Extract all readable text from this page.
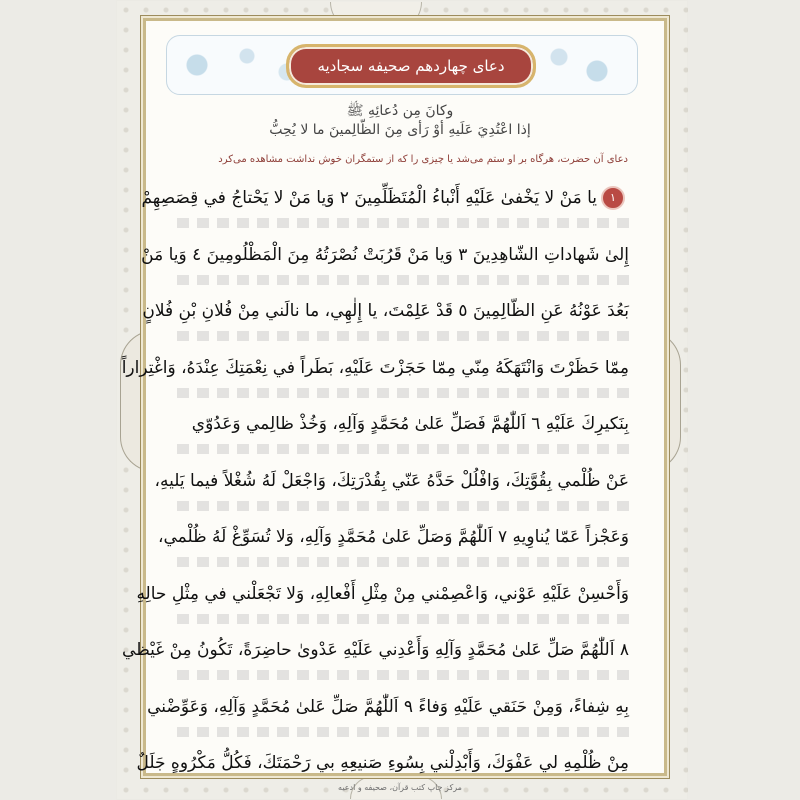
دعای چهاردهم صحیفه سجادیه
وكانَ مِن دُعائِهِ ﷺ
إذا اعْتُدِيَ عَلَيهِ أوْ رَأى مِنَ الظّالِمينَ ما لا يُحِبُّ
دعای آن حضرت، هرگاه بر او ستم می‌شد یا چیزی را که از ستمگران خوش نداشت مشاهده می‌کرد
١يا مَنْ لا يَخْفىٰ عَلَيْهِ أَنْباءُ الْمُتَظَلِّمِينَ ٢ وَيا مَنْ لا يَحْتاجُ في قِصَصِهِمْ
إِلىٰ شَهاداتِ الشّاهِدِينَ ٣ وَيا مَنْ قَرُبَتْ نُصْرَتُهُ مِنَ الْمَظْلُومِينَ ٤ وَيا مَنْ
بَعُدَ عَوْنُهُ عَنِ الظّالِمِينَ ٥ قَدْ عَلِمْتَ، يا إِلٰهِي، ما نالَني مِنْ فُلانِ بْنِ فُلانٍ
مِمّا حَظَرْتَ وَانْتَهَكَهُ مِنّي مِمّا حَجَزْتَ عَلَيْهِ، بَطَراً في نِعْمَتِكَ عِنْدَهُ، وَاغْتِراراً
بِنَكيرِكَ عَلَيْهِ ٦ اَللّٰهُمَّ فَصَلِّ عَلىٰ مُحَمَّدٍ وَآلِهِ، وَخُذْ ظالِمي وَعَدُوّي
عَنْ ظُلْمي بِقُوَّتِكَ، وَافْلُلْ حَدَّهُ عَنّي بِقُدْرَتِكَ، وَاجْعَلْ لَهُ شُغْلاً فيما يَليهِ،
وَعَجْزاً عَمّا يُناوِيهِ ٧ اَللّٰهُمَّ وَصَلِّ عَلىٰ مُحَمَّدٍ وَآلِهِ، وَلا تُسَوِّغْ لَهُ ظُلْمي،
وَأَحْسِنْ عَلَيْهِ عَوْني، وَاعْصِمْني مِنْ مِثْلِ أَفْعالِهِ، وَلا تَجْعَلْني في مِثْلِ حالِهِ
٨ اَللّٰهُمَّ صَلِّ عَلىٰ مُحَمَّدٍ وَآلِهِ وَأَعْدِني عَلَيْهِ عَدْوىٰ حاضِرَةً، تَكُونُ مِنْ غَيْظي
بِهِ شِفاءً، وَمِنْ حَنَقي عَلَيْهِ وَفاءً ٩ اَللّٰهُمَّ صَلِّ عَلىٰ مُحَمَّدٍ وَآلِهِ، وَعَوِّضْني
مِنْ ظُلْمِهِ لي عَفْوَكَ، وَأَبْدِلْني بِسُوءِ صَنيعِهِ بي رَحْمَتَكَ، فَكُلُّ مَكْرُوهٍ جَلَلٌ
مرکز چاپ کتب قرآن، صحیفه و ادعیه
